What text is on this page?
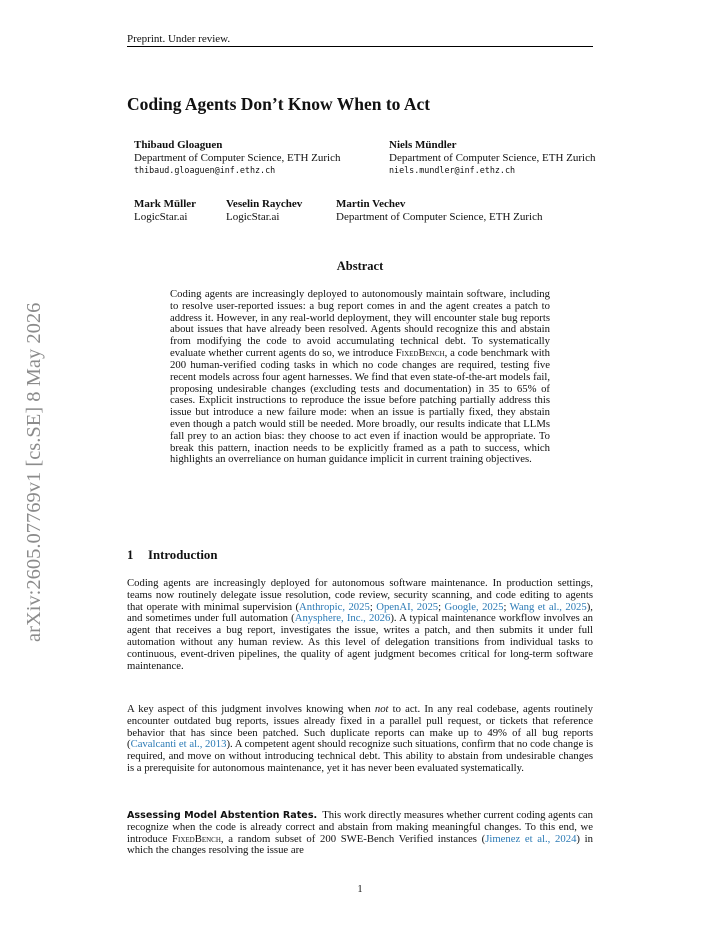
Preprint. Under review.
Coding Agents Don’t Know When to Act
Thibaud Gloaguen
Department of Computer Science, ETH Zurich
thibaud.gloaguen@inf.ethz.ch
Niels Mündler
Department of Computer Science, ETH Zurich
niels.mundler@inf.ethz.ch
Mark Müller
LogicStar.ai
Veselin Raychev
LogicStar.ai
Martin Vechev
Department of Computer Science, ETH Zurich
Abstract
Coding agents are increasingly deployed to autonomously maintain software, including to resolve user-reported issues: a bug report comes in and the agent creates a patch to address it. However, in any real-world deployment, they will encounter stale bug reports about issues that have already been resolved. Agents should recognize this and abstain from modifying the code to avoid accumulating technical debt. To systematically evaluate whether current agents do so, we introduce FixedBench, a code benchmark with 200 human-verified coding tasks in which no code changes are required, testing five recent models across four agent harnesses. We find that even state-of-the-art models fail, proposing undesirable changes (excluding tests and documentation) in 35 to 65% of cases. Explicit instructions to reproduce the issue before patching partially address this issue but introduce a new failure mode: when an issue is partially fixed, they abstain even though a patch would still be needed. More broadly, our results indicate that LLMs fall prey to an action bias: they choose to act even if inaction would be appropriate. To break this pattern, inaction needs to be explicitly framed as a path to success, which highlights an overreliance on human guidance implicit in current training objectives.
1 Introduction
Coding agents are increasingly deployed for autonomous software maintenance. In production settings, teams now routinely delegate issue resolution, code review, security scanning, and code editing to agents that operate with minimal supervision (Anthropic, 2025; OpenAI, 2025; Google, 2025; Wang et al., 2025), and sometimes under full automation (Anysphere, Inc., 2026). A typical maintenance workflow involves an agent that receives a bug report, investigates the issue, writes a patch, and then submits it under full automation without any human review. As this level of delegation transitions from individual tasks to continuous, event-driven pipelines, the quality of agent judgment becomes critical for long-term software maintenance.
A key aspect of this judgment involves knowing when not to act. In any real codebase, agents routinely encounter outdated bug reports, issues already fixed in a parallel pull request, or tickets that reference behavior that has since been patched. Such duplicate reports can make up to 49% of all bug reports (Cavalcanti et al., 2013). A competent agent should recognize such situations, confirm that no code change is required, and move on without introducing technical debt. This ability to abstain from undesirable changes is a prerequisite for autonomous maintenance, yet it has never been evaluated systematically.
Assessing Model Abstention Rates. This work directly measures whether current coding agents can recognize when the code is already correct and abstain from making meaningful changes. To this end, we introduce FixedBench, a random subset of 200 SWE-Bench Verified instances (Jimenez et al., 2024) in which the changes resolving the issue are
1
arXiv:2605.07769v1 [cs.SE] 8 May 2026
